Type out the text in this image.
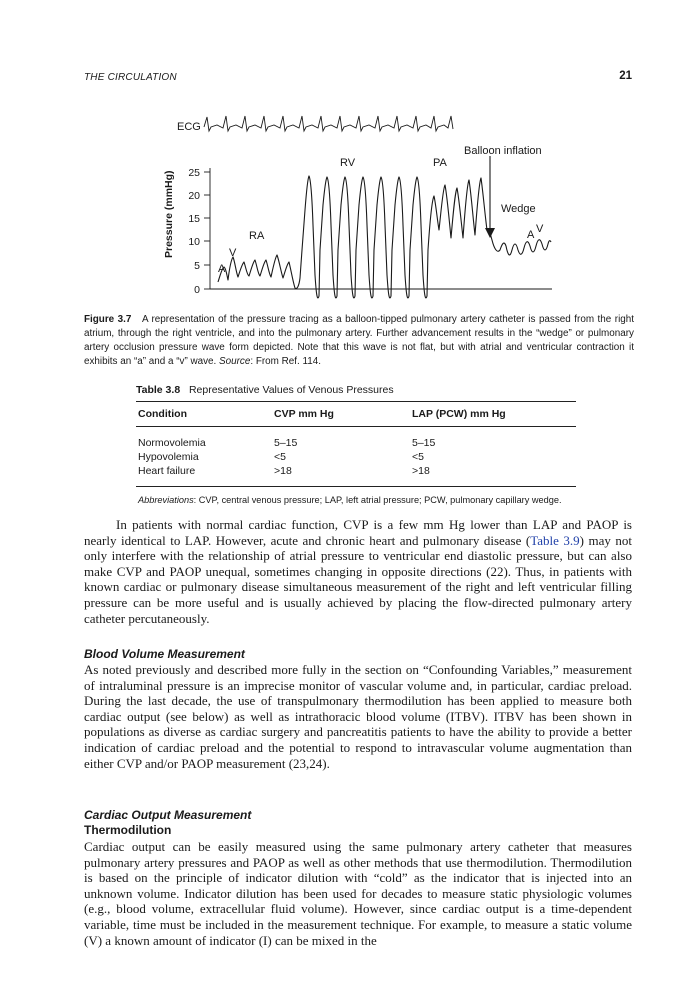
THE CIRCULATION	21
ECG
Pressure (mmHg) 25
20
15
10
5
0
RV	PA
Balloon inflation
Wedge
RA
A
V
A V

Figure 3.7 A representation of the pressure tracing as a balloon-tipped pulmonary artery catheter is passed from the right atrium, through the right ventricle, and into the pulmonary artery. Further advancement results in the “wedge” or pulmonary artery occlusion pressure wave form depicted. Note that this wave is not flat, but with atrial and ventricular contraction it exhibits an “a” and a “v” wave. Source: From Ref. 114.

Table 3.8 Representative Values of Venous Pressures
Condition	CVP mm Hg	LAP (PCW) mm Hg
Normovolemia	5–15	5–15
Hypovolemia	<5	<5
Heart failure	>18	>18
Abbreviations: CVP, central venous pressure; LAP, left atrial pressure; PCW, pulmonary capillary wedge.

In patients with normal cardiac function, CVP is a few mm Hg lower than LAP and PAOP is nearly identical to LAP. However, acute and chronic heart and pulmonary disease (Table 3.9) may not only interfere with the relationship of atrial pressure to ventricular end diastolic pressure, but can also make CVP and PAOP unequal, sometimes changing in opposite directions (22). Thus, in patients with known cardiac or pulmonary disease simultaneous measurement of the right and left ventricular filling pressure can be more useful and is usually achieved by placing the flow-directed pulmonary artery catheter percutaneously.

Blood Volume Measurement

As noted previously and described more fully in the section on “Confounding Variables,” measurement of intraluminal pressure is an imprecise monitor of vascular volume and, in particular, cardiac preload. During the last decade, the use of transpulmonary thermodilution has been applied to measure both cardiac output (see below) as well as intrathoracic blood volume (ITBV). ITBV has been shown in populations as diverse as cardiac surgery and pancreatitis patients to have the ability to provide a better indication of cardiac preload and the potential to respond to intravascular volume augmentation than either CVP and/or PAOP measurement (23,24).

Cardiac Output Measurement
Thermodilution

Cardiac output can be easily measured using the same pulmonary artery catheter that measures pulmonary artery pressures and PAOP as well as other methods that use thermodilution. Thermodilution is based on the principle of indicator dilution with “cold” as the indicator that is injected into an unknown volume. Indicator dilution has been used for decades to measure static physiologic volumes (e.g., blood volume, extracellular fluid volume). However, since cardiac output is a time-dependent variable, time must be included in the measurement technique. For example, to measure a static volume (V) a known amount of indicator (I) can be mixed in the
